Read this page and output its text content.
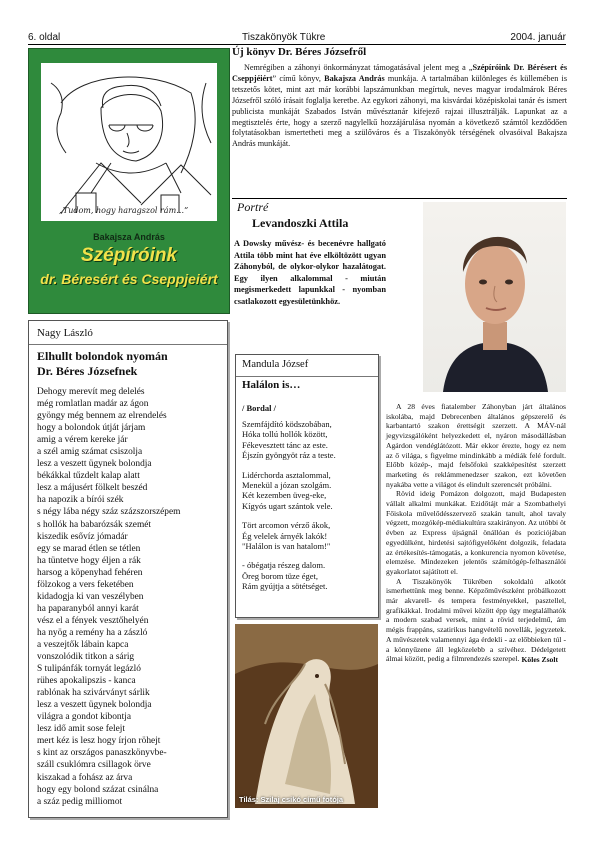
6. oldal	Tiszakönyök Tükre	2004. január
„Tudom, hogy haragszol rám…”
Bakajsza András
Szépíróink
dr. Béresért és Cseppjeiért
Új könyv Dr. Béres Józsefről
Nemrégiben a záhonyi önkormányzat támogatásával jelent meg a „Szépíróink Dr. Bérésert és Cseppjéiért” című könyv, Bakajsza András munkája. A tartalmában különleges és küllemében is tetszetős kötet, mint azt már korábbi lapszámunkban megírtuk, neves magyar irodalmárok Béres Józsefről szóló írásait foglalja keretbe. Az egykori záhonyi, ma kisvárdai középiskolai tanár és ismert publicista munkáját Szabados István művésztanár kifejező rajzai illusztrálják. Lapunkat az a megtisztelés érte, hogy a szerző nagylelkű hozzájárulása nyomán a következő számtól kezdődően folytatásokban ismertetheti meg a szülőváros és a Tiszakönyök térségének olvasóival Bakajsza András munkáját.
Portré
Levandoszki Attila
A Dowsky művész- és becenévre hallgató Attila több mint hat éve elköltözött ugyan Záhonyból, de olykor-olykor hazalátogat. Egy ilyen alkalommal - miután megismerkedett lapunkkal - nyomban csatlakozott egyesületünkhöz.
A 28 éves fiatalember Záhonyban járt általános iskolába, majd Debrecenben általános gépszerelő és karbantartó szakon érettségit szerzett. A MÁV-nál jegyvizsgálóként helyezkedett el, nyáron másodállásban Agárdon vendéglátózott. Már ekkor érezte, hogy ez nem az ő világa, s figyelme mindinkább a médiák felé fordult. Előbb közép-, majd felsőfokú szakképesítést szerzett marketing és reklámmenedzser szakon, ezt követően nyakába vette a világot és elindult szerencsét próbálni.
Rövid ideig Pomázon dolgozott, majd Budapesten vállalt alkalmi munkákat. Ezidőtájt már a Szombathelyi Főiskola művelődésszervező szakán tanult, ahol tavaly végzett, mozgókép-médiakultúra szakirányon. Az utóbbi öt évben az Express újságnál önállóan és pozíciójában egyedülként, hirdetési sajtófigyelőként dolgozik, feladata az értékesítés-támogatás, a konkurencia nyomon követése, elemzése. Mindezeken jelentős számítógép-felhasználói gyakorlatot sajátított el.
A Tiszakönyök Tükrében sokoldalú alkotót ismerhettünk meg benne. Képzőművészként próbálkozott már akvarell- és tempera festményekkel, pasztellel, grafikákkal. Irodalmi művei között épp úgy megtalálhatók a modern szabad versek, mint a rövid terjedelmű, ám mégis frappáns, szatirikus hangvételű novellák, jegyzetek. A művészetek valamennyi ága érdekli - az előbbieken túl - a könnyűzene áll legközelebb a szívéhez. Dédelgetett álmai között, pedig a filmrendezés szerepel. Köles Zsolt
Nagy László
Elhullt bolondok nyomán
Dr. Béres Józsefnek
Dehogy merevít meg delelés
még romlatlan madár az ágon
gyöngy még bennem az elrendelés
hogy a bolondok útját járjam
amig a vérem kereke jár
a szél amig számat csiszolja
lesz a veszett ügynek bolondja
békákkal tűzdelt kalap alatt
lesz a májusért fölkelt beszéd
ha napozik a bírói szék
s négy lába négy száz százszorszépem
s hollók ha babarózsák szemét
kiszedik esővíz jómadár
egy se marad étlen se tétlen
ha tüntetve hogy éljen a rák
harsog a köpenyhad fehéren
fölzokog a vers feketében
kidadogja ki van veszélyben
ha paparanyból annyi karát
vész el a fények vesztőhelyén
ha nyög a remény ha a zászló
a veszejtők lábain kapca
vonszolódik titkon a sárig
S tulipánfák tornyát legázló
rühes apokalipszis - kanca
rablónak ha szivárványt sárlik
lesz a veszett ügynek bolondja
világra a gondot kibontja
lesz idő amit sose felejt
mert kéz is lesz hogy írjon röhejt
s kint az országos panaszkönyvbe-
száll csuklómra csillagok örve
kiszakad a fohász az árva
hogy egy bolond százat csinálna
a száz pedig milliomot
Mandula József
Halálon is…
/ Bordal /
Szemfájdító ködszobában,
Hóka tollú hollók között,
Fékevesztett tánc az este.
Éjszín gyöngyöt ráz a teste.
Lidérchorda asztalommal,
Menekül a józan szolgám.
Két kezemben üveg-eke,
Kígyós ugart szántok vele.
Tört arcomon vérző ákok,
Ég velelek árnyék lakók!
"Halálon is van hatalom!"
- óbégatja részeg dalom.
Öreg borom tüze éget,
Rám gyújtja a sötétséget.
Tilás: Szilaj csikó című fotója
